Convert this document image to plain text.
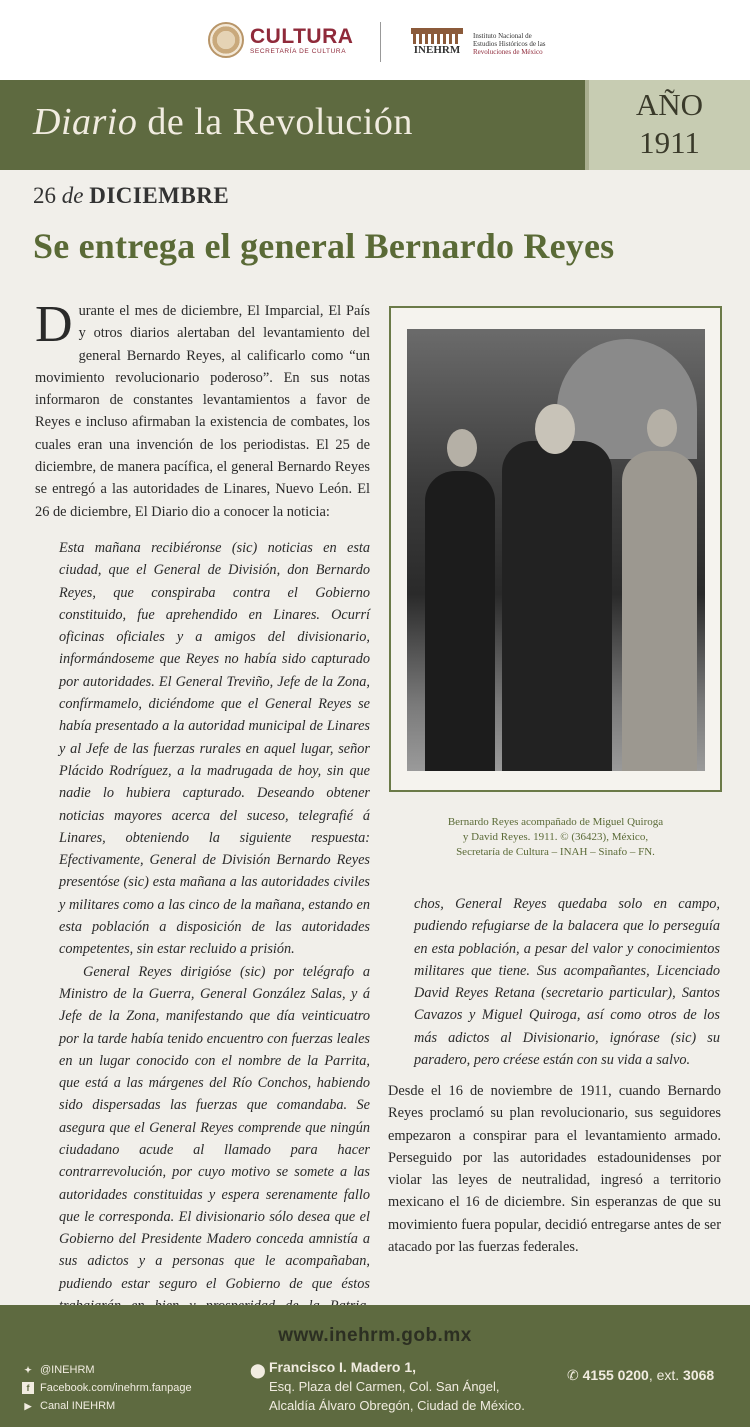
CULTURA
SECRETARÍA DE CULTURA	INEHRM
Instituto Nacional de
Estudios Históricos de las
Revoluciones de México
Diario de la Revolución	AÑO
1911
26 de DICIEMBRE
Se entrega el general Bernardo Reyes
Durante el mes de diciembre, El Imparcial, El País y otros diarios alertaban del levantamiento del general Bernardo Reyes, al calificarlo como “un movimiento revolucionario poderoso”. En sus notas informaron de constantes levantamientos a favor de Reyes e incluso afirmaban la existencia de combates, los cuales eran una invención de los periodistas. El 25 de diciembre, de manera pacífica, el general Bernardo Reyes se entregó a las autoridades de Linares, Nuevo León. El 26 de diciembre, El Diario dio a conocer la noticia:

Esta mañana recibiéronse (sic) noticias en esta ciudad, que el General de División, don Bernardo Reyes, que conspiraba contra el Gobierno constituido, fue aprehendido en Linares. Ocurrí oficinas oficiales y a amigos del divisionario, informándoseme que Reyes no había sido capturado por autoridades. El General Treviño, Jefe de la Zona, confírmamelo, diciéndome que el General Reyes se había presentado a la autoridad municipal de Linares y al Jefe de las fuerzas rurales en aquel lugar, señor Plácido Rodríguez, a la madrugada de hoy, sin que nadie lo hubiera capturado. Deseando obtener noticias mayores acerca del suceso, telegrafié á Linares, obteniendo la siguiente respuesta: Efectivamente, General de División Bernardo Reyes presentóse (sic) esta mañana a las autoridades civiles y militares como a las cinco de la mañana, estando en esta población a disposición de las autoridades competentes, sin estar recluido a prisión.

General Reyes dirigióse (sic) por telégrafo a Ministro de la Guerra, General González Salas, y á Jefe de la Zona, manifestando que día veinticuatro por la tarde había tenido encuentro con fuerzas leales en un lugar conocido con el nombre de la Parrita, que está a las márgenes del Río Conchos, habiendo sido dispersadas las fuerzas que comandaba. Se asegura que el General Reyes comprende que ningún ciudadano acude al llamado para hacer contrarrevolución, por cuyo motivo se somete a las autoridades constituidas y espera serenamente fallo que le corresponda. El divisionario sólo desea que el Gobierno del Presidente Madero conceda amnistía a sus adictos y a personas que le acompañaban, pudiendo estar seguro el Gobierno de que éstos

Bernardo Reyes acompañado de Miguel Quiroga
y David Reyes. 1911. © (36423), México,
Secretaría de Cultura – INAH – Sinafo – FN.
chos, General Reyes quedaba solo en campo, pudiendo refugiarse de la balacera que lo perseguía en esta población, a pesar del valor y conocimientos militares que tiene. Sus acompañantes, Licenciado David Reyes Retana (secretario particular), Santos Cavazos y Miguel Quiroga, así como otros de los más adictos al Divisionario, ignórase (sic) su paradero, pero créese están con su vida a salvo.
Desde el 16 de noviembre de 1911, cuando Bernardo Reyes proclamó su plan revolucionario, sus seguidores empezaron a conspirar para el levantamiento armado. Perseguido por las autoridades estadounidenses por violar las leyes de neutralidad, ingresó a territorio mexicano el 16 de diciembre. Sin esperanzas de que su movimiento fuera popular, decidió entregarse antes de ser atacado por las fuerzas federales.
www.inehrm.gob.mx
✦ @INEHRM
f Facebook.com/inehrm.fanpage
▶ Canal INEHRM
⬤ Francisco I. Madero 1,
Esq. Plaza del Carmen, Col. San Ángel,
Alcaldía Álvaro Obregón, Ciudad de México.
✆ 4155 0200, ext. 3068
